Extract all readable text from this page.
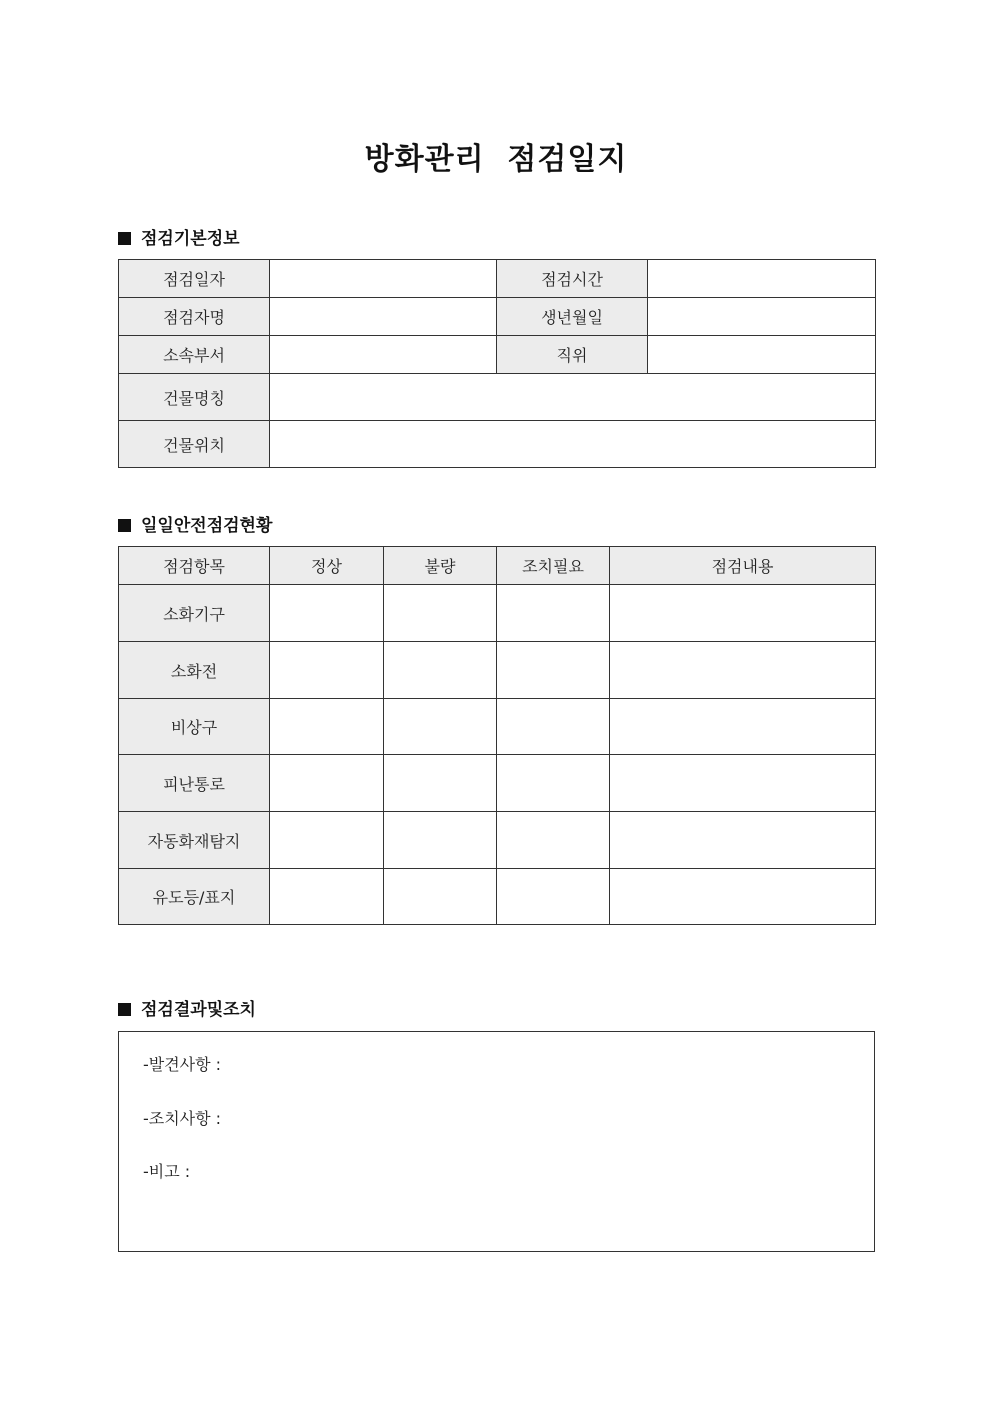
방화관리  점검일지
점검기본정보
점검일자		점검시간	
점검자명		생년월일	
소속부서		직위	
건물명칭			
건물위치			
일일안전점검현황
점검항목	정상	불량	조치필요	점검내용
소화기구				
소화전				
비상구				
피난통로				
자동화재탐지				
유도등/표지				
점검결과및조치
-발견사항 :
-조치사항 :
-비고 :
